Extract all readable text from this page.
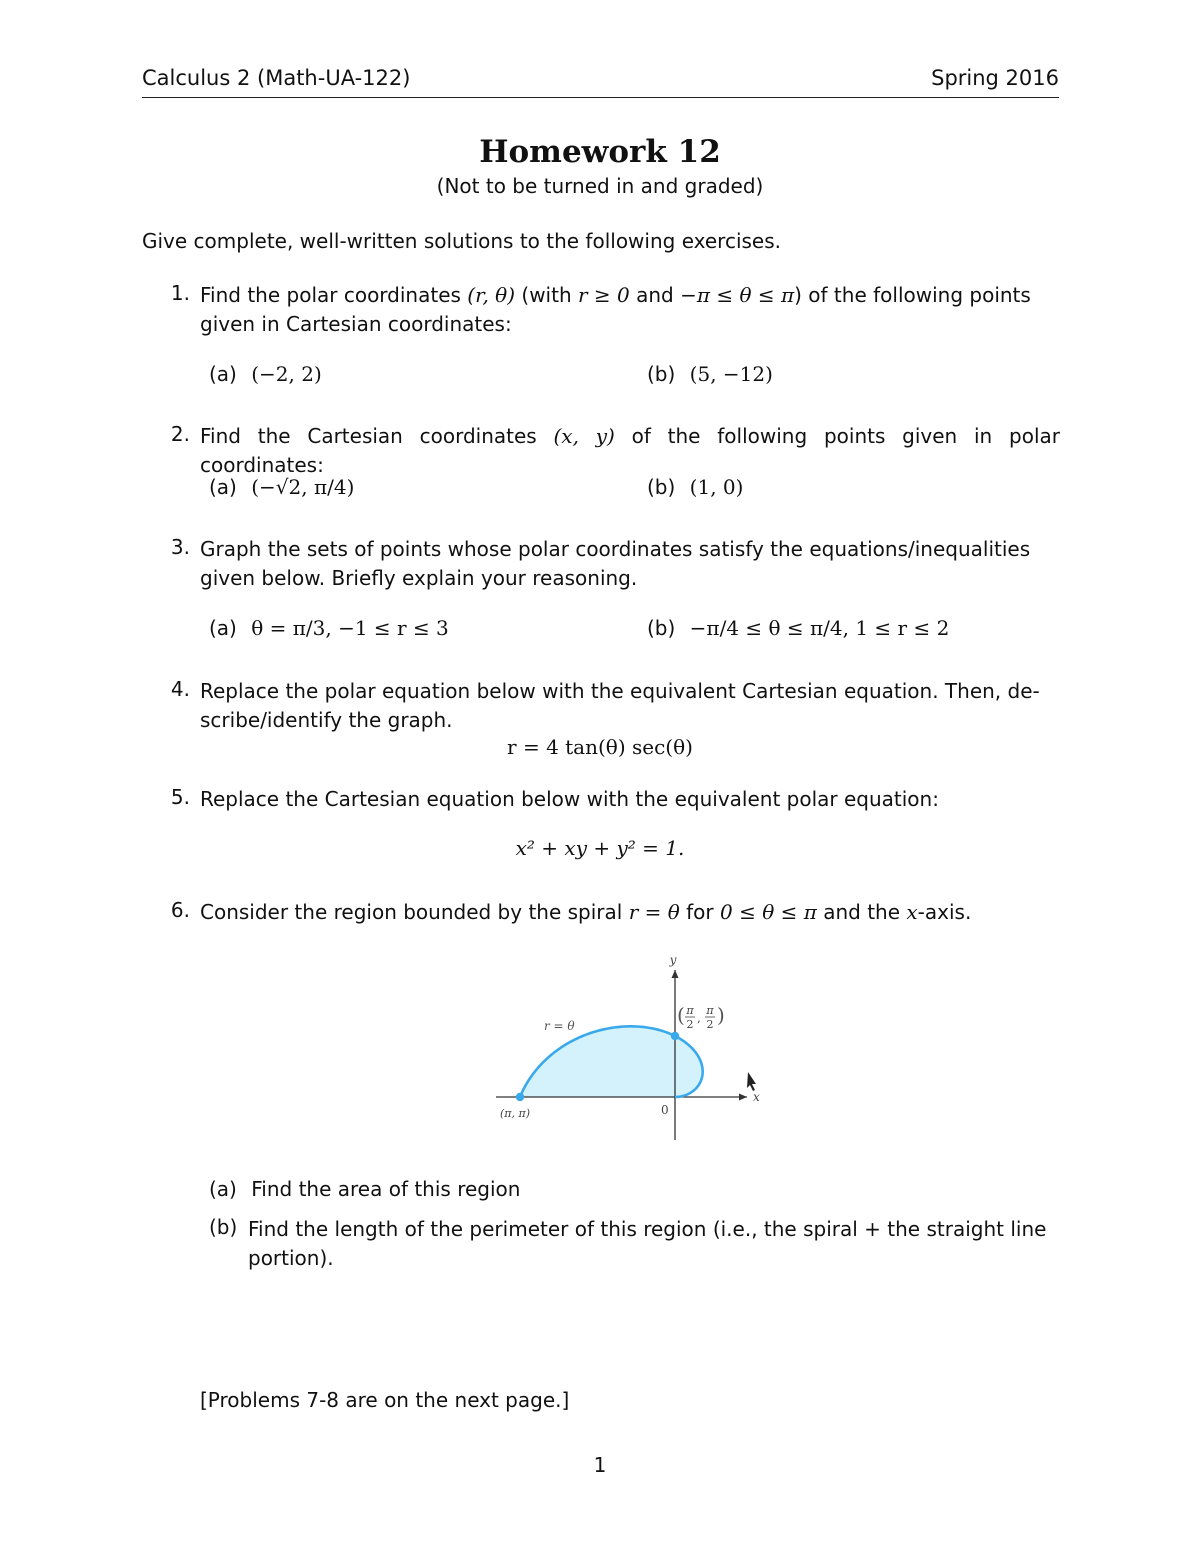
Calculus 2 (Math-UA-122)	Spring 2016
Homework 12
(Not to be turned in and graded)
Give complete, well-written solutions to the following exercises.
1. Find the polar coordinates (r, θ) (with r ≥ 0 and −π ≤ θ ≤ π) of the following points
given in Cartesian coordinates:
(a) (−2, 2)	(b) (5, −12)
2. Find the Cartesian coordinates (x, y) of the following points given in polar coordinates:
(a) (−√2, π/4)	(b) (1, 0)
3. Graph the sets of points whose polar coordinates satisfy the equations/inequalities
given below. Briefly explain your reasoning.
(a) θ = π/3, −1 ≤ r ≤ 3	(b) −π/4 ≤ θ ≤ π/4, 1 ≤ r ≤ 2
4. Replace the polar equation below with the equivalent Cartesian equation. Then, de-
scribe/identify the graph.
r = 4 tan(θ) sec(θ)
5. Replace the Cartesian equation below with the equivalent polar equation:
x² + xy + y² = 1.
6. Consider the region bounded by the spiral r = θ for 0 ≤ θ ≤ π and the x-axis.
y
x
r = θ
0
(π, π)
( π
2 ,
π
2 )
(a) Find the area of this region
(b) Find the length of the perimeter of this region (i.e., the spiral + the straight line
portion).
[Problems 7-8 are on the next page.]
1
